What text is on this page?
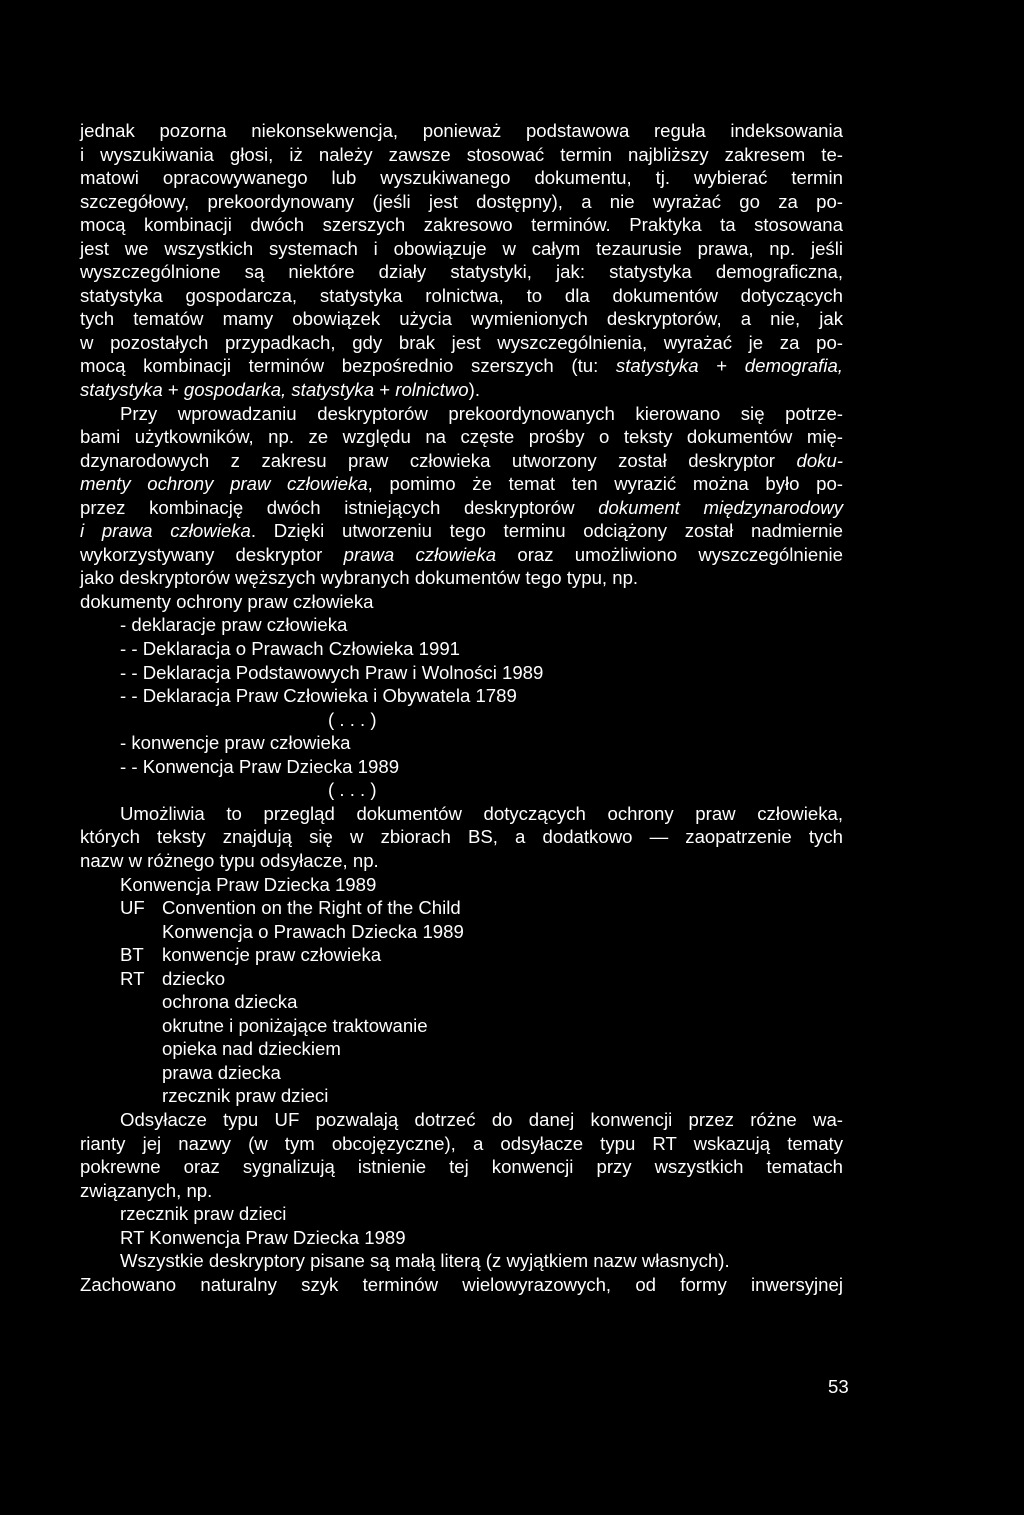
jednak pozorna niekonsekwencja, ponieważ podstawowa reguła indeksowania
i wyszukiwania głosi, iż należy zawsze stosować termin najbliższy zakresem te-
matowi opracowywanego lub wyszukiwanego dokumentu, tj. wybierać termin
szczegółowy, prekoordynowany (jeśli jest dostępny), a nie wyrażać go za po-
mocą kombinacji dwóch szerszych zakresowo terminów. Praktyka ta stosowana
jest we wszystkich systemach i obowiązuje w całym tezaurusie prawa, np. jeśli
wyszczególnione są niektóre działy statystyki, jak: statystyka demograficzna,
statystyka gospodarcza, statystyka rolnictwa, to dla dokumentów dotyczących
tych tematów mamy obowiązek użycia wymienionych deskryptorów, a nie, jak
w pozostałych przypadkach, gdy brak jest wyszczególnienia, wyrażać je za po-
mocą kombinacji terminów bezpośrednio szerszych (tu: statystyka + demografia,
statystyka + gospodarka, statystyka + rolnictwo).
Przy wprowadzaniu deskryptorów prekoordynowanych kierowano się potrze-
bami użytkowników, np. ze względu na częste prośby o teksty dokumentów mię-
dzynarodowych z zakresu praw człowieka utworzony został deskryptor doku-
menty ochrony praw człowieka, pomimo że temat ten wyrazić można było po-
przez kombinację dwóch istniejących deskryptorów dokument międzynarodowy
i prawa człowieka. Dzięki utworzeniu tego terminu odciążony został nadmiernie
wykorzystywany deskryptor prawa człowieka oraz umożliwiono wyszczególnienie
jako deskryptorów węższych wybranych dokumentów tego typu, np.
dokumenty ochrony praw człowieka
- deklaracje praw człowieka
- - Deklaracja o Prawach Człowieka 1991
- - Deklaracja Podstawowych Praw i Wolności 1989
- - Deklaracja Praw Człowieka i Obywatela 1789
( . . . )
- konwencje praw człowieka
- - Konwencja Praw Dziecka 1989
( . . . )
Umożliwia to przegląd dokumentów dotyczących ochrony praw człowieka,
których teksty znajdują się w zbiorach BS, a dodatkowo — zaopatrzenie tych
nazw w różnego typu odsyłacze, np.
Konwencja Praw Dziecka 1989
UF Convention on the Right of the Child
Konwencja o Prawach Dziecka 1989
BT konwencje praw człowieka
RT dziecko
ochrona dziecka
okrutne i poniżające traktowanie
opieka nad dzieckiem
prawa dziecka
rzecznik praw dzieci
Odsyłacze typu UF pozwalają dotrzeć do danej konwencji przez różne wa-
rianty jej nazwy (w tym obcojęzyczne), a odsyłacze typu RT wskazują tematy
pokrewne oraz sygnalizują istnienie tej konwencji przy wszystkich tematach
związanych, np.
rzecznik praw dzieci
RT Konwencja Praw Dziecka 1989
Wszystkie deskryptory pisane są małą literą (z wyjątkiem nazw własnych).
Zachowano naturalny szyk terminów wielowyrazowych, od formy inwersyjnej
53
